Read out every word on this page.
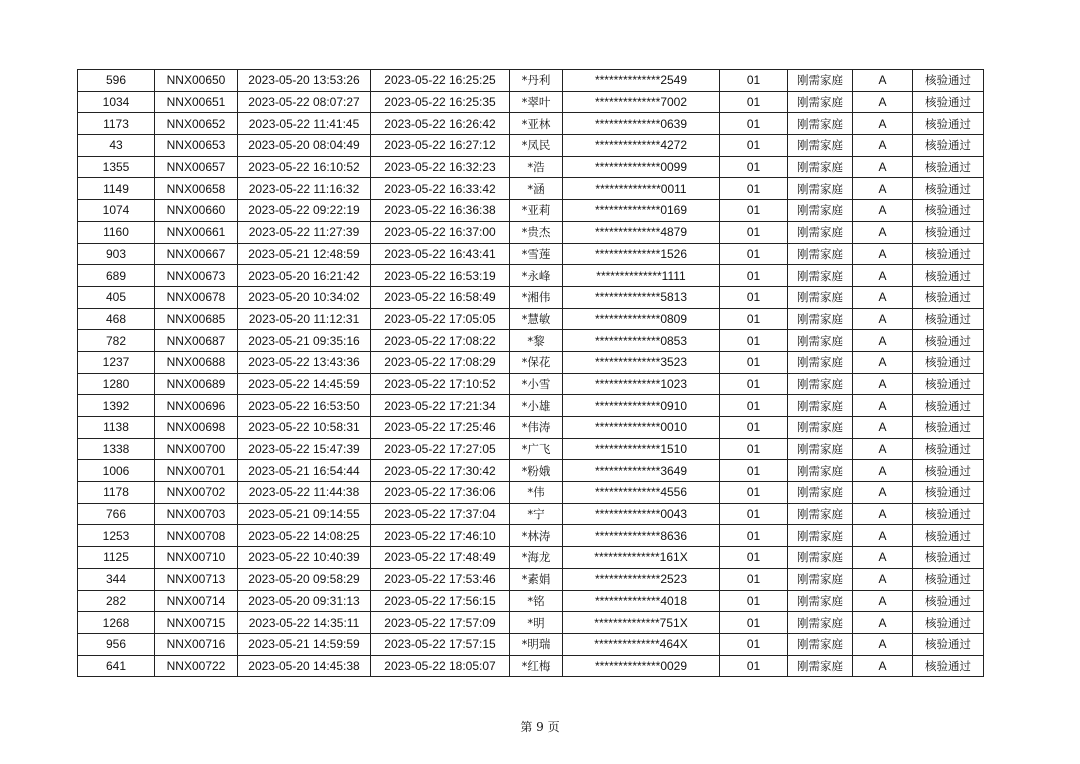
596	NNX00650	2023-05-20 13:53:26	2023-05-22 16:25:25	*丹利	**************2549	01	刚需家庭	A	核验通过
1034	NNX00651	2023-05-22 08:07:27	2023-05-22 16:25:35	*翠叶	**************7002	01	刚需家庭	A	核验通过
1173	NNX00652	2023-05-22 11:41:45	2023-05-22 16:26:42	*亚林	**************0639	01	刚需家庭	A	核验通过
43	NNX00653	2023-05-20 08:04:49	2023-05-22 16:27:12	*凤民	**************4272	01	刚需家庭	A	核验通过
1355	NNX00657	2023-05-22 16:10:52	2023-05-22 16:32:23	*浩	**************0099	01	刚需家庭	A	核验通过
1149	NNX00658	2023-05-22 11:16:32	2023-05-22 16:33:42	*涵	**************0011	01	刚需家庭	A	核验通过
1074	NNX00660	2023-05-22 09:22:19	2023-05-22 16:36:38	*亚莉	**************0169	01	刚需家庭	A	核验通过
1160	NNX00661	2023-05-22 11:27:39	2023-05-22 16:37:00	*贵杰	**************4879	01	刚需家庭	A	核验通过
903	NNX00667	2023-05-21 12:48:59	2023-05-22 16:43:41	*雪莲	**************1526	01	刚需家庭	A	核验通过
689	NNX00673	2023-05-20 16:21:42	2023-05-22 16:53:19	*永峰	**************1111	01	刚需家庭	A	核验通过
405	NNX00678	2023-05-20 10:34:02	2023-05-22 16:58:49	*湘伟	**************5813	01	刚需家庭	A	核验通过
468	NNX00685	2023-05-20 11:12:31	2023-05-22 17:05:05	*慧敏	**************0809	01	刚需家庭	A	核验通过
782	NNX00687	2023-05-21 09:35:16	2023-05-22 17:08:22	*黎	**************0853	01	刚需家庭	A	核验通过
1237	NNX00688	2023-05-22 13:43:36	2023-05-22 17:08:29	*保花	**************3523	01	刚需家庭	A	核验通过
1280	NNX00689	2023-05-22 14:45:59	2023-05-22 17:10:52	*小雪	**************1023	01	刚需家庭	A	核验通过
1392	NNX00696	2023-05-22 16:53:50	2023-05-22 17:21:34	*小雄	**************0910	01	刚需家庭	A	核验通过
1138	NNX00698	2023-05-22 10:58:31	2023-05-22 17:25:46	*伟涛	**************0010	01	刚需家庭	A	核验通过
1338	NNX00700	2023-05-22 15:47:39	2023-05-22 17:27:05	*广飞	**************1510	01	刚需家庭	A	核验通过
1006	NNX00701	2023-05-21 16:54:44	2023-05-22 17:30:42	*粉娥	**************3649	01	刚需家庭	A	核验通过
1178	NNX00702	2023-05-22 11:44:38	2023-05-22 17:36:06	*伟	**************4556	01	刚需家庭	A	核验通过
766	NNX00703	2023-05-21 09:14:55	2023-05-22 17:37:04	*宁	**************0043	01	刚需家庭	A	核验通过
1253	NNX00708	2023-05-22 14:08:25	2023-05-22 17:46:10	*林涛	**************8636	01	刚需家庭	A	核验通过
1125	NNX00710	2023-05-22 10:40:39	2023-05-22 17:48:49	*海龙	**************161X	01	刚需家庭	A	核验通过
344	NNX00713	2023-05-20 09:58:29	2023-05-22 17:53:46	*素娟	**************2523	01	刚需家庭	A	核验通过
282	NNX00714	2023-05-20 09:31:13	2023-05-22 17:56:15	*铭	**************4018	01	刚需家庭	A	核验通过
1268	NNX00715	2023-05-22 14:35:11	2023-05-22 17:57:09	*明	**************751X	01	刚需家庭	A	核验通过
956	NNX00716	2023-05-21 14:59:59	2023-05-22 17:57:15	*明瑞	**************464X	01	刚需家庭	A	核验通过
641	NNX00722	2023-05-20 14:45:38	2023-05-22 18:05:07	*红梅	**************0029	01	刚需家庭	A	核验通过
第 9 页
